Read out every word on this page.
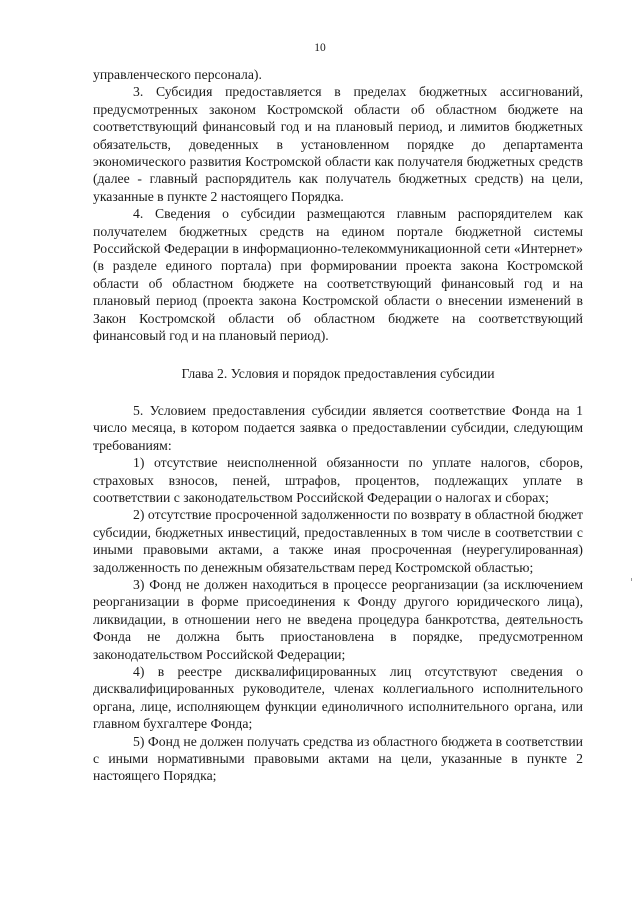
10

управленческого персонала).

3. Субсидия предоставляется в пределах бюджетных ассигнований, предусмотренных законом Костромской области об областном бюджете на соответствующий финансовый год и на плановый период, и лимитов бюджетных обязательств, доведенных в установленном порядке до департамента экономического развития Костромской области как получателя бюджетных средств (далее - главный распорядитель как получатель бюджетных средств) на цели, указанные в пункте 2 настоящего Порядка.

4. Сведения о субсидии размещаются главным распорядителем как получателем бюджетных средств на едином портале бюджетной системы Российской Федерации в информационно-телекоммуникационной сети «Интернет» (в разделе единого портала) при формировании проекта закона Костромской области об областном бюджете на соответствующий финансовый год и на плановый период (проекта закона Костромской области о внесении изменений в Закон Костромской области об областном бюджете на соответствующий финансовый год и на плановый период).

Глава 2. Условия и порядок предоставления субсидии

5. Условием предоставления субсидии является соответствие Фонда на 1 число месяца, в котором подается заявка о предоставлении субсидии, следующим требованиям:

1) отсутствие неисполненной обязанности по уплате налогов, сборов, страховых взносов, пеней, штрафов, процентов, подлежащих уплате в соответствии с законодательством Российской Федерации о налогах и сборах;

2) отсутствие просроченной задолженности по возврату в областной бюджет субсидии, бюджетных инвестиций, предоставленных в том числе в соответствии с иными правовыми актами, а также иная просроченная (неурегулированная) задолженность по денежным обязательствам перед Костромской областью;

3) Фонд не должен находиться в процессе реорганизации (за исключением реорганизации в форме присоединения к Фонду другого юридического лица), ликвидации, в отношении него не введена процедура банкротства, деятельность Фонда не должна быть приостановлена в порядке, предусмотренном законодательством Российской Федерации;

4) в реестре дисквалифицированных лиц отсутствуют сведения о дисквалифицированных руководителе, членах коллегиального исполнительного органа, лице, исполняющем функции единоличного исполнительного органа, или главном бухгалтере Фонда;

5) Фонд не должен получать средства из областного бюджета в соответствии с иными нормативными правовыми актами на цели, указанные в пункте 2 настоящего Порядка;
